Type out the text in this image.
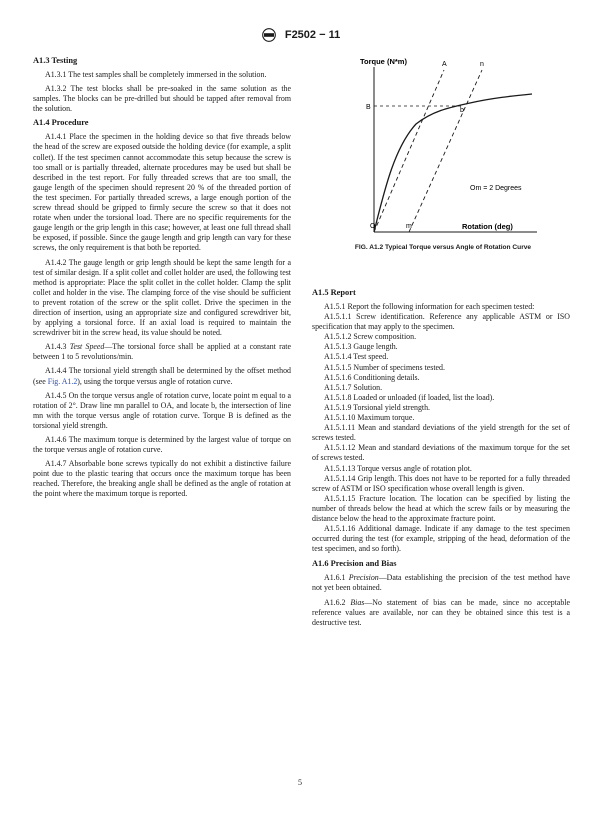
F2502 − 11
A1.3 Testing

A1.3.1 The test samples shall be completely immersed in the solution.

A1.3.2 The test blocks shall be pre-soaked in the same solution as the samples. The blocks can be pre-drilled but should be tapped after removal from the solution.

A1.4 Procedure

A1.4.1 Place the specimen in the holding device so that five threads below the head of the screw are exposed outside the holding device (for example, a split collet). If the test specimen cannot accommodate this setup because the screw is too small or is partially threaded, alternate procedures may be used but shall be described in the test report. For fully threaded screws that are too small, the gauge length of the specimen should represent 20 % of the threaded portion of the test specimen. For partially threaded screws, a large enough portion of the screw thread should be gripped to firmly secure the screw so that it does not rotate when under the torsional load. There are no specific requirements for the gauge length or the grip length in this case; however, at least one full thread shall be exposed, if possible. Since the gauge length and grip length can vary for these screws, the only requirement is that both be reported.

A1.4.2 The gauge length or grip length should be kept the same length for a test of similar design. If a split collet and collet holder are used, the following test method is appropriate: Place the split collet in the collet holder. Clamp the split collet and holder in the vise. The clamping force of the vise should be sufficient to prevent rotation of the screw or the split collet. Drive the specimen in the direction of insertion, using an appropriate size and configured screwdriver bit, by applying a torsional force. If an axial load is required to maintain the screwdriver bit in the screw head, its value should be noted.

A1.4.3 Test Speed—The torsional force shall be applied at a constant rate between 1 to 5 revolutions/min.

A1.4.4 The torsional yield strength shall be determined by the offset method (see Fig. A1.2), using the torque versus angle of rotation curve.

A1.4.5 On the torque versus angle of rotation curve, locate point m equal to a rotation of 2°. Draw line mn parallel to OA, and locate b, the intersection of line mn with the torque versus angle of rotation curve. Torque B is defined as the torsional yield strength.

A1.4.6 The maximum torque is determined by the largest value of torque on the torque versus angle of rotation curve.

A1.4.7 Absorbable bone screws typically do not exhibit a distinctive failure point due to the plastic tearing that occurs once the maximum torque has been reached. Therefore, the breaking angle shall be defined as the angle of rotation at the point where the maximum torque is reported.

Torque (N*m)
Rotation (deg)
A	n
B	b
O	m
Om = 2 Degrees
FIG. A1.2 Typical Torque versus Angle of Rotation Curve
A1.5 Report

A1.5.1 Report the following information for each specimen tested:

A1.5.1.1 Screw identification. Reference any applicable ASTM or ISO specification that may apply to the specimen.

A1.5.1.2 Screw composition.

A1.5.1.3 Gauge length.

A1.5.1.4 Test speed.

A1.5.1.5 Number of specimens tested.

A1.5.1.6 Conditioning details.

A1.5.1.7 Solution.

A1.5.1.8 Loaded or unloaded (if loaded, list the load).

A1.5.1.9 Torsional yield strength.

A1.5.1.10 Maximum torque.

A1.5.1.11 Mean and standard deviations of the yield strength for the set of screws tested.

A1.5.1.12 Mean and standard deviations of the maximum torque for the set of screws tested.

A1.5.1.13 Torque versus angle of rotation plot.

A1.5.1.14 Grip length. This does not have to be reported for a fully threaded screw of ASTM or ISO specification whose overall length is given.

A1.5.1.15 Fracture location. The location can be specified by listing the number of threads below the head at which the screw fails or by measuring the distance below the head to the approximate fracture point.

A1.5.1.16 Additional damage. Indicate if any damage to the test specimen occurred during the test (for example, stripping of the head, deformation of the test specimen, and so forth).

A1.6 Precision and Bias

A1.6.1 Precision—Data establishing the precision of the test method have not yet been obtained.

A1.6.2 Bias—No statement of bias can be made, since no acceptable reference values are available, nor can they be obtained since this test is a destructive test.

5
